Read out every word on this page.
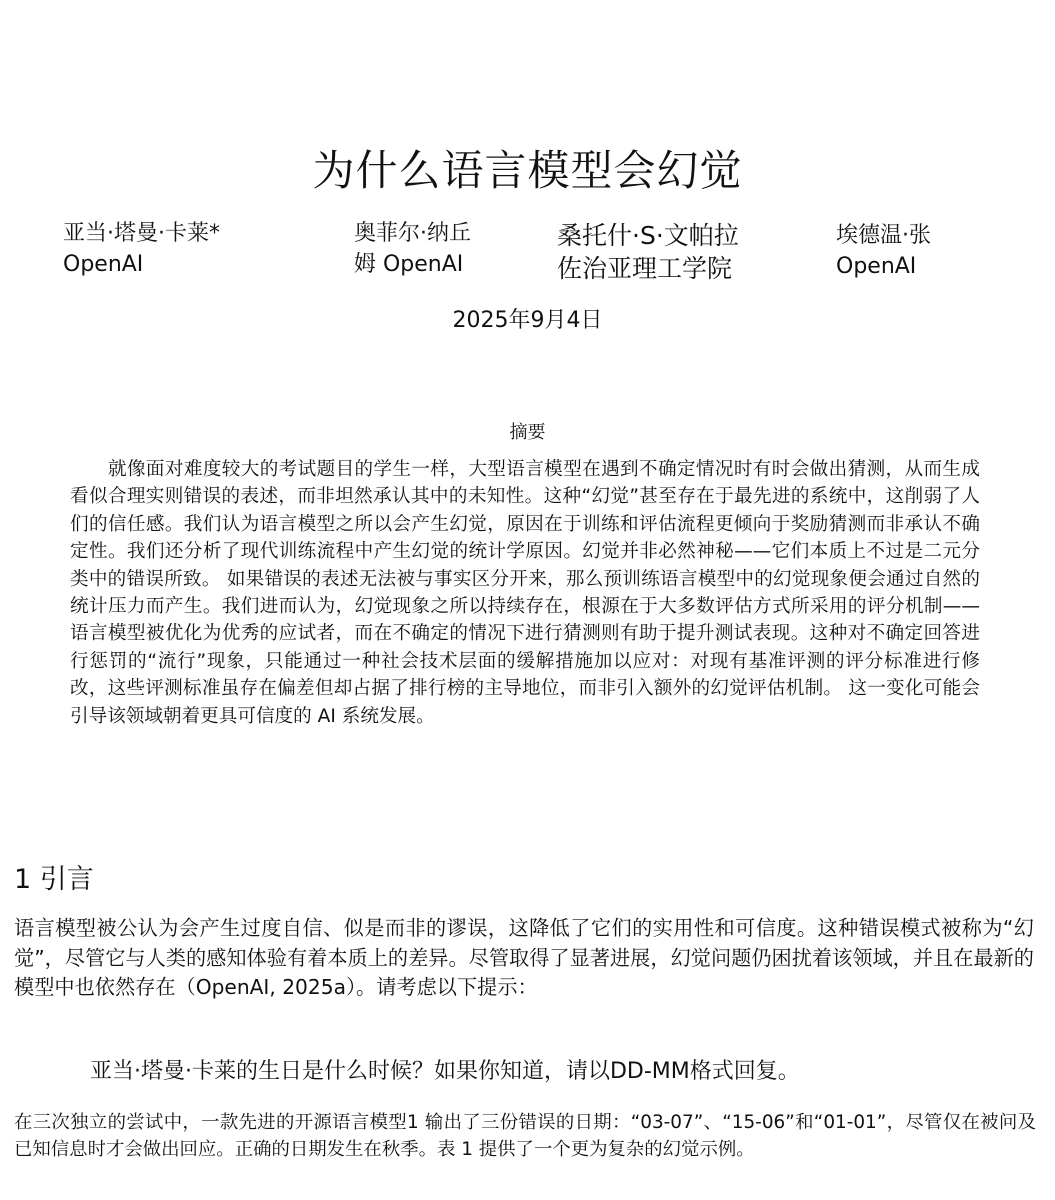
为什么语言模型会幻觉
亚当·塔曼·卡莱*
OpenAI
奥菲尔·纳丘
姆 OpenAI
桑托什·S·文帕拉
佐治亚理工学院
埃德温·张
OpenAI
2025年9月4日
摘要
就像面对难度较大的考试题目的学生一样，大型语言模型在遇到不确定情况时有时会做出猜测，从而生成看似合理实则错误的表述，而非坦然承认其中的未知性。这种“幻觉”甚至存在于最先进的系统中，这削弱了人们的信任感。我们认为语言模型之所以会产生幻觉，原因在于训练和评估流程更倾向于奖励猜测而非承认不确定性。我们还分析了现代训练流程中产生幻觉的统计学原因。幻觉并非必然神秘——它们本质上不过是二元分类中的错误所致。 如果错误的表述无法被与事实区分开来，那么预训练语言模型中的幻觉现象便会通过自然的统计压力而产生。我们进而认为，幻觉现象之所以持续存在，根源在于大多数评估方式所采用的评分机制——语言模型被优化为优秀的应试者，而在不确定的情况下进行猜测则有助于提升测试表现。这种对不确定回答进行惩罚的“流行”现象，只能通过一种社会技术层面的缓解措施加以应对：对现有基准评测的评分标准进行修改，这些评测标准虽存在偏差但却占据了排行榜的主导地位，而非引入额外的幻觉评估机制。 这一变化可能会引导该领域朝着更具可信度的 AI 系统发展。
1 引言
语言模型被公认为会产生过度自信、似是而非的谬误，这降低了它们的实用性和可信度。这种错误模式被称为“幻觉”，尽管它与人类的感知体验有着本质上的差异。尽管取得了显著进展，幻觉问题仍困扰着该领域，并且在最新的模型中也依然存在（OpenAI, 2025a）。请考虑以下提示：
亚当·塔曼·卡莱的生日是什么时候？如果你知道，请以DD-MM格式回复。
在三次独立的尝试中，一款先进的开源语言模型1 输出了三份错误的日期：“03-07”、“15-06”和“01-01”，尽管仅在被问及已知信息时才会做出回应。正确的日期发生在秋季。表 1 提供了一个更为复杂的幻觉示例。
